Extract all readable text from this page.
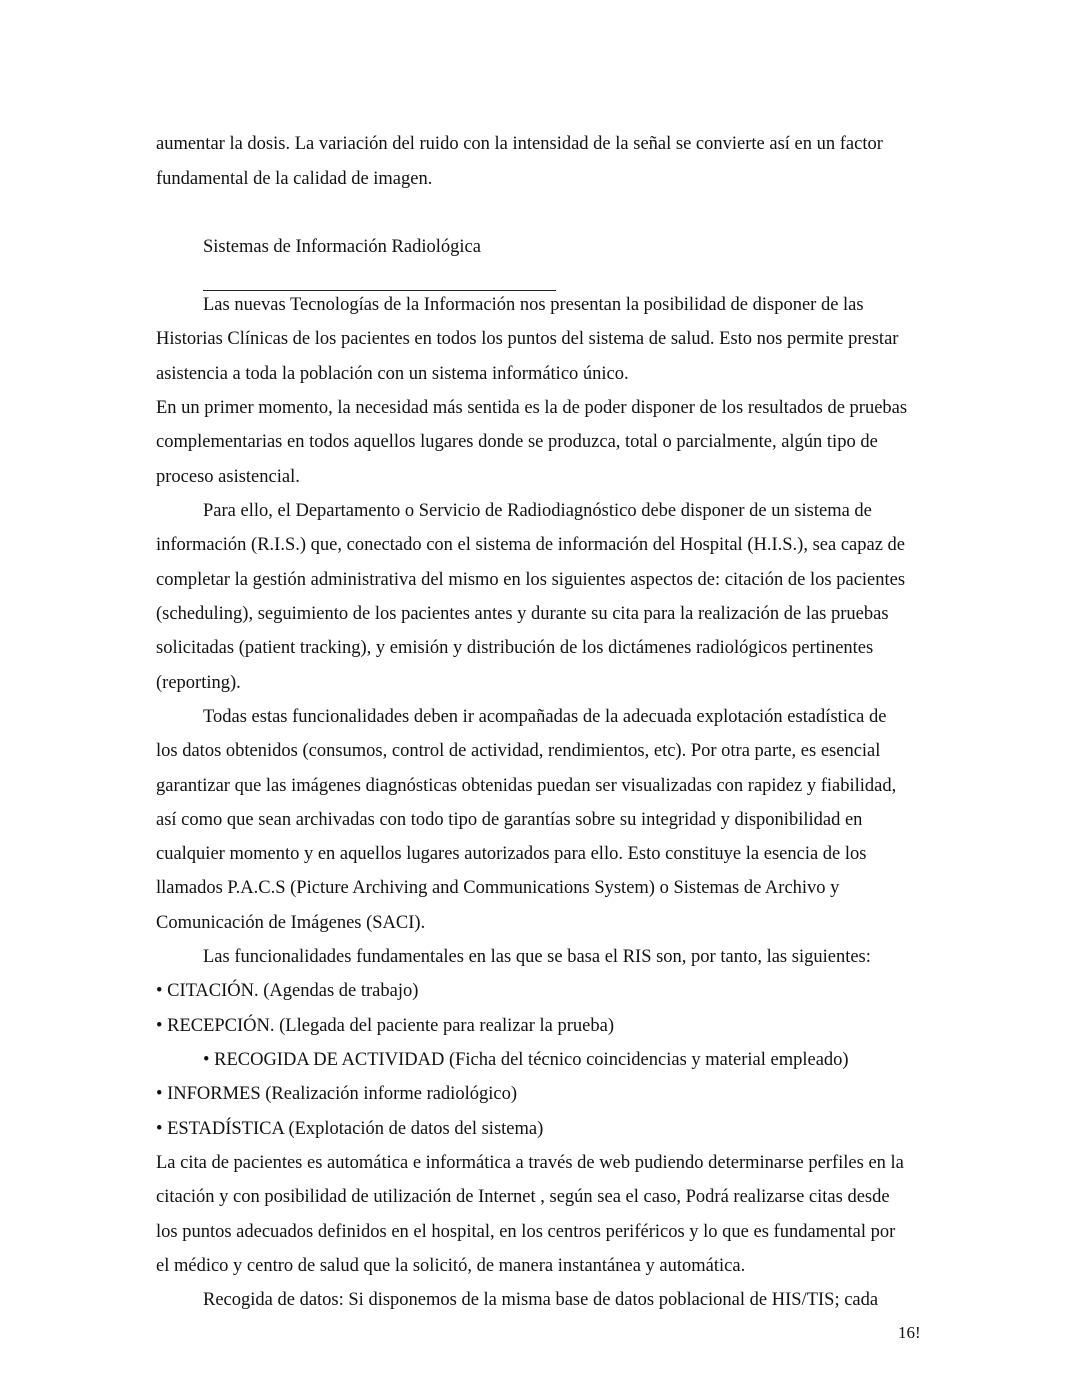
aumentar la dosis. La variación del ruido con la intensidad de la señal se convierte así en un factor
fundamental de la calidad de imagen.
Sistemas de Información Radiológica
Las nuevas Tecnologías de la Información nos presentan la posibilidad de disponer de las
Historias Clínicas de los pacientes en todos los puntos del sistema de salud. Esto nos permite prestar
asistencia a toda la población con un sistema informático único.
En un primer momento, la necesidad más sentida es la de poder disponer de los resultados de pruebas
complementarias en todos aquellos lugares donde se produzca, total o parcialmente, algún tipo de
proceso asistencial.
Para ello, el Departamento o Servicio de Radiodiagnóstico debe disponer de un sistema de
información (R.I.S.) que, conectado con el sistema de información del Hospital (H.I.S.), sea capaz de
completar la gestión administrativa del mismo en los siguientes aspectos de: citación de los pacientes
(scheduling), seguimiento de los pacientes antes y durante su cita para la realización de las pruebas
solicitadas (patient tracking), y emisión y distribución de los dictámenes radiológicos pertinentes
(reporting).
Todas estas funcionalidades deben ir acompañadas de la adecuada explotación estadística de
los datos obtenidos (consumos, control de actividad, rendimientos, etc). Por otra parte, es esencial
garantizar que las imágenes diagnósticas obtenidas puedan ser visualizadas con rapidez y fiabilidad,
así como que sean archivadas con todo tipo de garantías sobre su integridad y disponibilidad en
cualquier momento y en aquellos lugares autorizados para ello. Esto constituye la esencia de los
llamados P.A.C.S (Picture Archiving and Communications System) o Sistemas de Archivo y
Comunicación de Imágenes (SACI).
Las funcionalidades fundamentales en las que se basa el RIS son, por tanto, las siguientes:
• CITACIÓN. (Agendas de trabajo)
• RECEPCIÓN. (Llegada del paciente para realizar la prueba)
• RECOGIDA DE ACTIVIDAD (Ficha del técnico coincidencias y material empleado)
• INFORMES (Realización informe radiológico)
• ESTADÍSTICA (Explotación de datos del sistema)
La cita de pacientes es automática e informática a través de web pudiendo determinarse perfiles en la
citación y con posibilidad de utilización de Internet , según sea el caso, Podrá realizarse citas desde
los puntos adecuados definidos en el hospital, en los centros periféricos y lo que es fundamental por
el médico y centro de salud que la solicitó, de manera instantánea y automática.
Recogida de datos: Si disponemos de la misma base de datos poblacional de HIS/TIS; cada
16!
